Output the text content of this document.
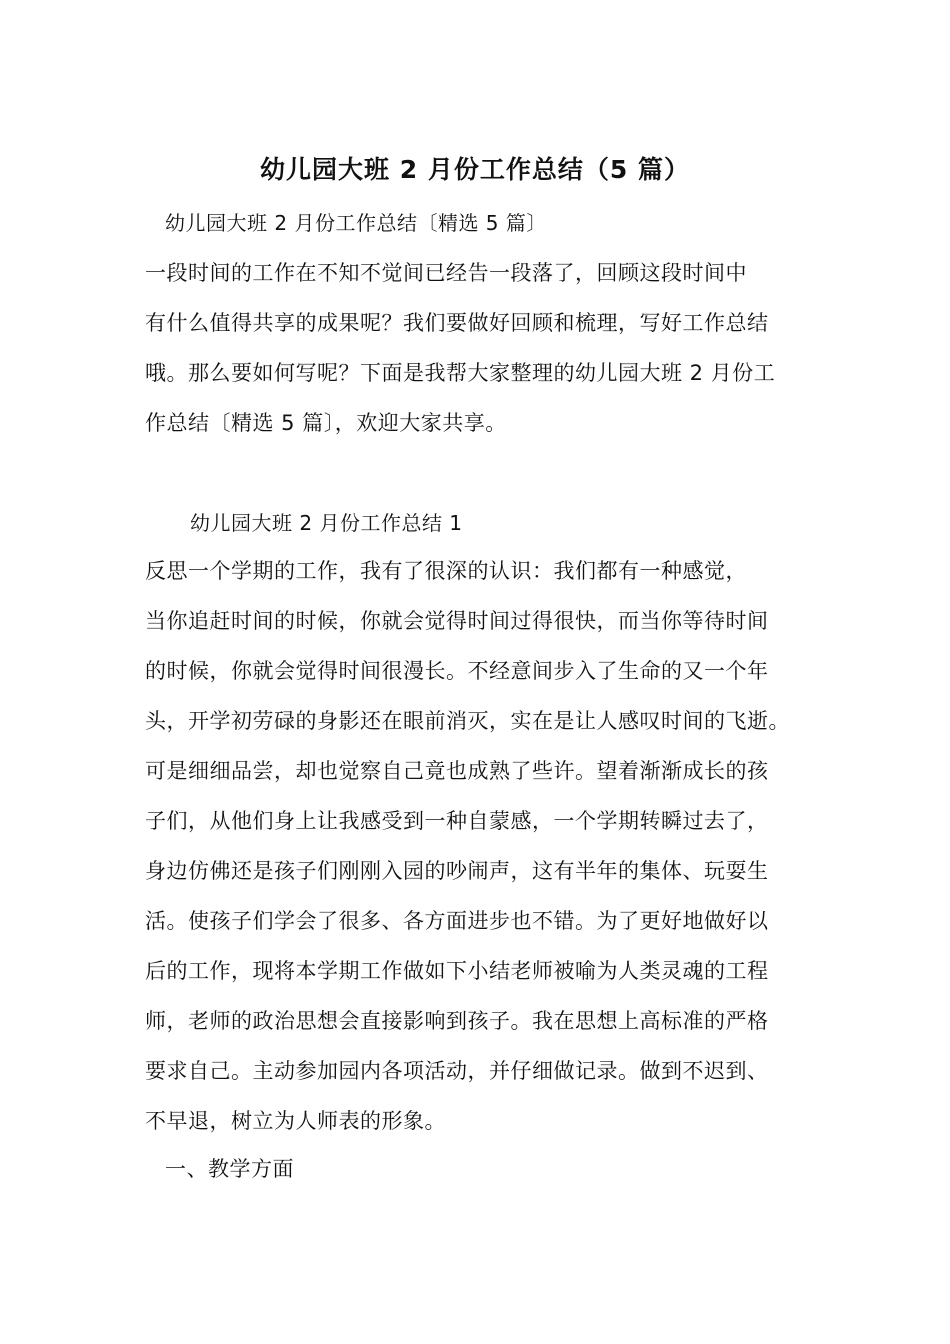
幼儿园大班 2 月份工作总结（5 篇）
幼儿园大班 2 月份工作总结〔精选 5 篇〕
一段时间的工作在不知不觉间已经告一段落了，回顾这段时间中
有什么值得共享的成果呢？我们要做好回顾和梳理，写好工作总结
哦。那么要如何写呢？下面是我帮大家整理的幼儿园大班 2 月份工
作总结〔精选 5 篇〕，欢迎大家共享。
幼儿园大班 2 月份工作总结 1
反思一个学期的工作，我有了很深的认识：我们都有一种感觉，
当你追赶时间的时候，你就会觉得时间过得很快，而当你等待时间
的时候，你就会觉得时间很漫长。不经意间步入了生命的又一个年
头，开学初劳碌的身影还在眼前消灭，实在是让人感叹时间的飞逝。
可是细细品尝，却也觉察自己竟也成熟了些许。望着渐渐成长的孩
子们，从他们身上让我感受到一种自蒙感，一个学期转瞬过去了，
身边仿佛还是孩子们刚刚入园的吵闹声，这有半年的集体、玩耍生
活。使孩子们学会了很多、各方面进步也不错。为了更好地做好以
后的工作，现将本学期工作做如下小结老师被喻为人类灵魂的工程
师，老师的政治思想会直接影响到孩子。我在思想上高标准的严格
要求自己。主动参加园内各项活动，并仔细做记录。做到不迟到、
不早退，树立为人师表的形象。
一、教学方面
